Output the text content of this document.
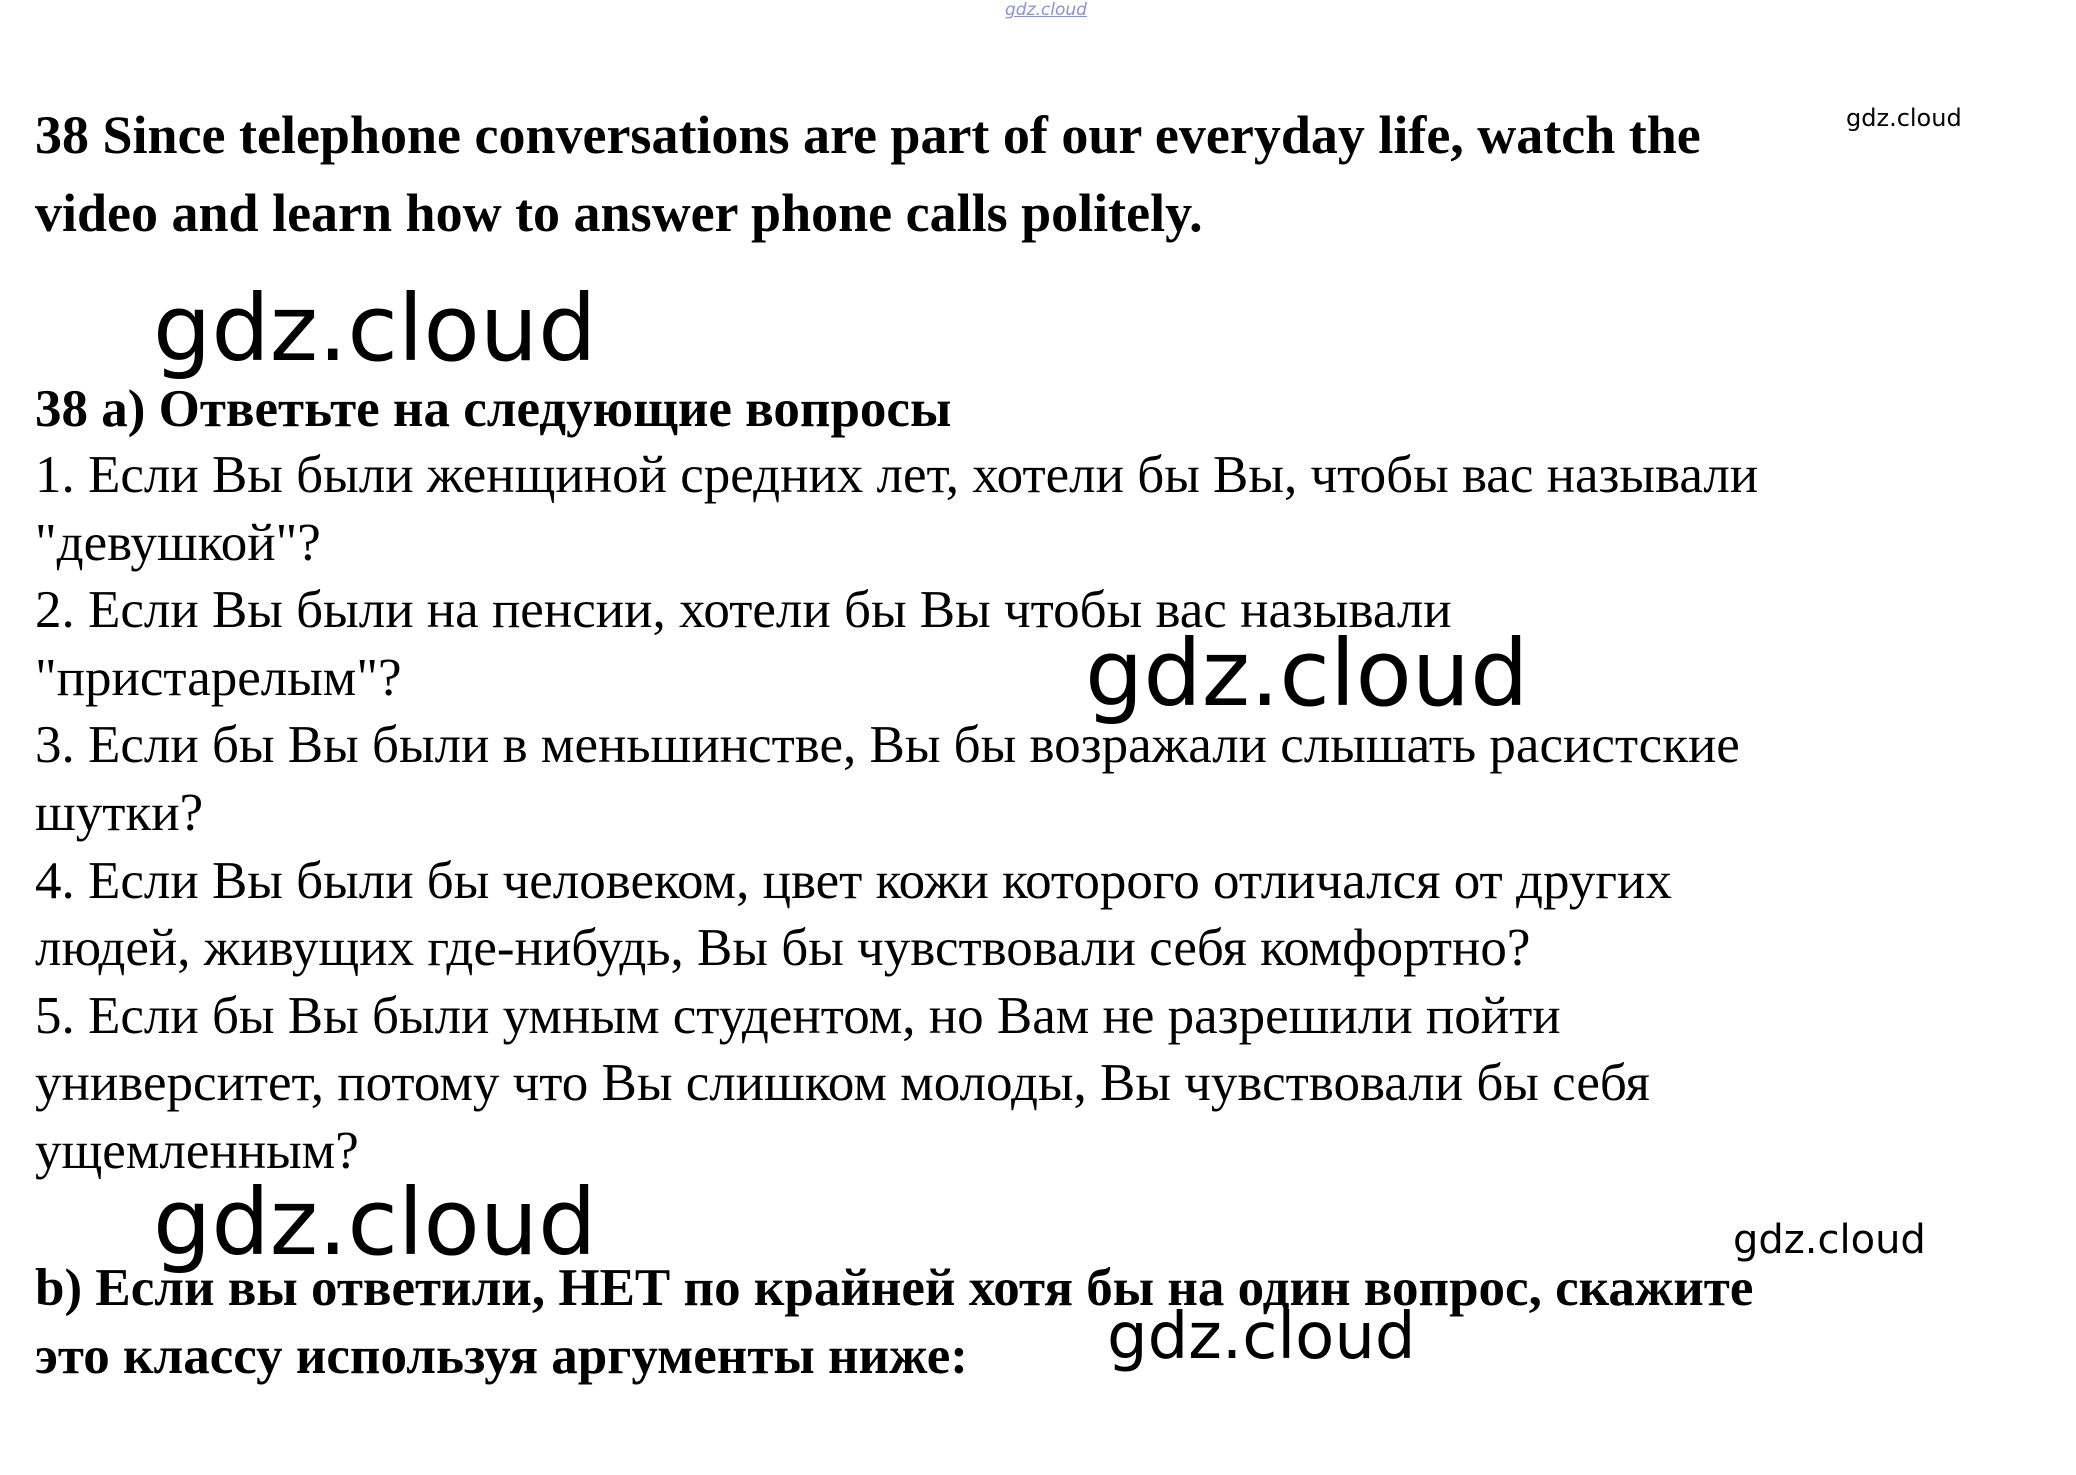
gdz.cloud
38 Since telephone conversations are part of our everyday life, watch the	gdz.cloud
video and learn how to answer phone calls politely.
gdz.cloud
38 a) Ответьте на следующие вопросы
1. Если Вы были женщиной средних лет, хотели бы Вы, чтобы вас называли
"девушкой"?
2. Если Вы были на пенсии, хотели бы Вы чтобы вас называли
"пристарелым"?	gdz.cloud
3. Если бы Вы были в меньшинстве, Вы бы возражали слышать расистские
шутки?
4. Если Вы были бы человеком, цвет кожи которого отличался от других
людей, живущих где-нибудь, Вы бы чувствовали себя комфортно?
5. Если бы Вы были умным студентом, но Вам не разрешили пойти
университет, потому что Вы слишком молоды, Вы чувствовали бы себя
ущемленным?
gdz.cloud	gdz.cloud
b) Если вы ответили, НЕТ по крайней хотя бы на один вопрос, скажите
это классу используя аргументы ниже: gdz.cloud
